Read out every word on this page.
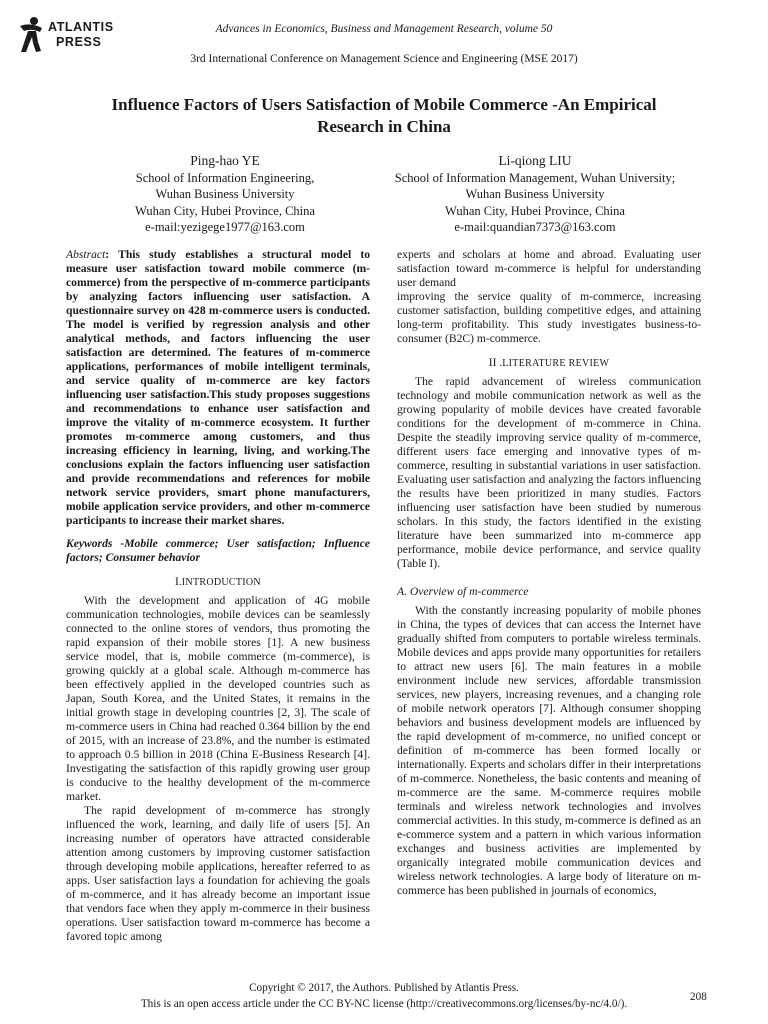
ATLANTIS
PRESS
Advances in Economics, Business and Management Research, volume 50
3rd International Conference on Management Science and Engineering (MSE 2017)
Influence Factors of Users Satisfaction of Mobile Commerce -An Empirical Research in China
Ping-hao YE
School of Information Engineering,
Wuhan Business University
Wuhan City, Hubei Province, China
e-mail:yezigege1977@163.com
Li-qiong LIU
School of Information Management, Wuhan University;
Wuhan Business University
Wuhan City, Hubei Province, China
e-mail:quandian7373@163.com

Abstract: This study establishes a structural model to measure user satisfaction toward mobile commerce (m-commerce) from the perspective of m-commerce participants by analyzing factors influencing user satisfaction. A questionnaire survey on 428 m-commerce users is conducted. The model is verified by regression analysis and other analytical methods, and factors influencing the user satisfaction are determined. The features of m-commerce applications, performances of mobile intelligent terminals, and service quality of m-commerce are key factors influencing user satisfaction.This study proposes suggestions and recommendations to enhance user satisfaction and improve the vitality of m-commerce ecosystem. It further promotes m-commerce among customers, and thus increasing efficiency in learning, living, and working.The conclusions explain the factors influencing user satisfaction and provide recommendations and references for mobile network service providers, smart phone manufacturers, mobile application service providers, and other m-commerce participants to increase their market shares.

Keywords -Mobile commerce; User satisfaction; Influence factors; Consumer behavior

I.INTRODUCTION

With the development and application of 4G mobile communication technologies, mobile devices can be seamlessly connected to the online stores of vendors, thus promoting the rapid expansion of their mobile stores [1]. A new business service model, that is, mobile commerce (m-commerce), is growing quickly at a global scale. Although m-commerce has been effectively applied in the developed countries such as Japan, South Korea, and the United States, it remains in the initial growth stage in developing countries [2, 3]. The scale of m-commerce users in China had reached 0.364 billion by the end of 2015, with an increase of 23.8%, and the number is estimated to approach 0.5 billion in 2018 (China E-Business Research [4]. Investigating the satisfaction of this rapidly growing user group is conducive to the healthy development of the m-commerce market.

The rapid development of m-commerce has strongly influenced the work, learning, and daily life of users [5]. An increasing number of operators have attracted considerable attention among customers by improving customer satisfaction through developing mobile applications, hereafter referred to as apps. User satisfaction lays a foundation for achieving the goals of m-commerce, and it has already become an important issue that vendors face when they apply m-commerce in their business operations. User satisfaction toward m-commerce has become a favored topic among

experts and scholars at home and abroad. Evaluating user satisfaction toward m-commerce is helpful for understanding user demand

improving the service quality of m-commerce, increasing customer satisfaction, building competitive edges, and attaining long-term profitability. This study investigates business-to-consumer (B2C) m-commerce.

II .LITERATURE REVIEW

The rapid advancement of wireless communication technology and mobile communication network as well as the growing popularity of mobile devices have created favorable conditions for the development of m-commerce in China. Despite the steadily improving service quality of m-commerce, different users face emerging and innovative types of m-commerce, resulting in substantial variations in user satisfaction. Evaluating user satisfaction and analyzing the factors influencing the results have been prioritized in many studies. Factors influencing user satisfaction have been studied by numerous scholars. In this study, the factors identified in the existing literature have been summarized into m-commerce app performance, mobile device performance, and service quality (Table I).

A. Overview of m-commerce

With the constantly increasing popularity of mobile phones in China, the types of devices that can access the Internet have gradually shifted from computers to portable wireless terminals. Mobile devices and apps provide many opportunities for retailers to attract new users [6]. The main features in a mobile environment include new services, affordable transmission services, new players, increasing revenues, and a changing role of mobile network operators [7]. Although consumer shopping behaviors and business development models are influenced by the rapid development of m-commerce, no unified concept or definition of m-commerce has been formed locally or internationally. Experts and scholars differ in their interpretations of m-commerce. Nonetheless, the basic contents and meaning of m-commerce are the same. M-commerce requires mobile terminals and wireless network technologies and involves commercial activities. In this study, m-commerce is defined as an e-commerce system and a pattern in which various information exchanges and business activities are implemented by organically integrated mobile communication devices and wireless network technologies. A large body of literature on m-commerce has been published in journals of economics,

Copyright © 2017, the Authors. Published by Atlantis Press.
This is an open access article under the CC BY-NC license (http://creativecommons.org/licenses/by-nc/4.0/).
208
